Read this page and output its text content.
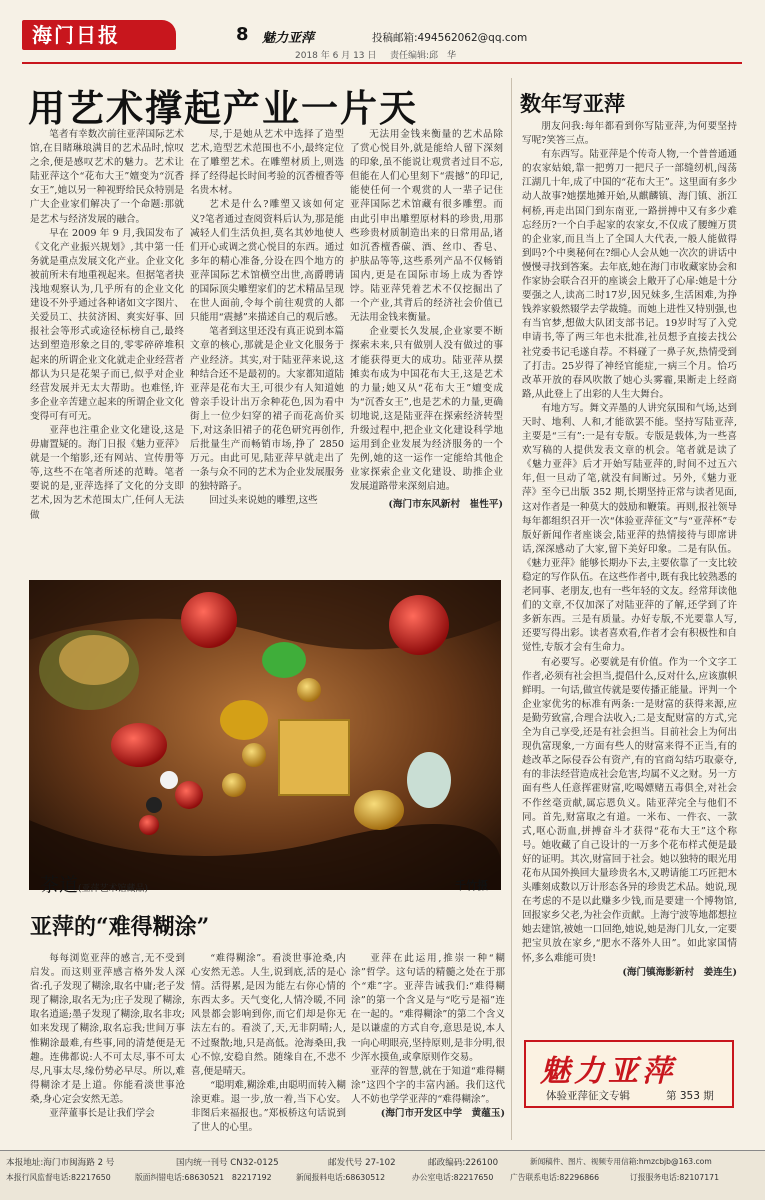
海门日报	8 魅力亚萍	投稿邮箱:494562062@qq.com
2018 年 6 月 13 日 责任编辑:邱　华
用艺术撑起产业一片天

笔者有幸数次前往亚萍国际艺术馆,在目睹琳琅满目的艺术品时,惊叹之余,便是感叹艺术的魅力。艺术让陆亚萍这个“花布大王”嬗变为“沉香女王”,她以另一种视野给民众特别是广大企业家们解决了一个命题:那就是艺术与经济发展的融合。

早在 2009 年 9 月,我国发布了《文化产业振兴规划》,其中第一任务就是重点发展文化产业。企业文化被前所未有地重视起来。但据笔者抉浅地观察认为,几乎所有的企业文化建设不外乎通过各种诸如文字图片、关爱员工、扶贫济困、爽实好事、回报社会等形式或途径标榜自己,最终达到塑造形象之目的,零零碎碎堆积起来的所谓企业文化就走企业经营者都认为只是花架子而已,似乎对企业经营发展并无太大帮助。也难怪,许多企业辛苦建立起来的所谓企业文化变得可有可无。

亚萍也注重企业文化建设,这是毋庸置疑的。海门日报《魅力亚萍》就是一个缩影,还有网站、宣传册等等,这些不在笔者所述的范畴。笔者要说的是,亚萍选择了文化的分支即艺术,因为艺术范围太广,任何人无法做

尽,于是她从艺术中选择了造型艺术,造型艺术范围也不小,最终定位在了雕塑艺术。在雕塑材质上,则选择了经得起长时间考验的沉香檀香等名贵木材。

艺术是什么?雕塑又该如何定义?笔者通过查阅资料后认为,那是能减轻人们生活负担,莫名其妙地使人们开心或调之赏心悦目的东西。通过多年的精心准备,分设在四个地方的亚萍国际艺术馆横空出世,高爵聘请的国际顶尖雕塑家们的艺术精品呈现在世人面前,令每个前往观赏的人都只能用“震撼”来描述自己的观后感。

笔者到这里还没有真正说到本篇文章的核心,那就是企业文化服务于产业经济。其实,对于陆亚萍来说,这种结合还不是最初的。大家都知道陆亚萍是花布大王,可很少有人知道她曾亲手设计出万余种花色,因为看中街上一位少妇穿的裙子而花高价买下,对这条旧裙子的花色研究再创作,后批量生产而畅销市场,挣了 2850 万元。由此可见,陆亚萍早就走出了一条与众不同的艺术为企业发展服务的独特路子。

回过头来说她的雕塑,这些

无法用金钱来衡量的艺术品除了赏心悦目外,就是能给人留下深刻的印象,虽不能说让观赏者过目不忘,但能在人们心里刻下“震撼”的印记,能使任何一个观赏的人一辈子记住亚萍国际艺术馆藏有很多雕塑。而由此引申出雕塑原材料的珍贵,用那些珍贵材质制造出来的日常用品,诸如沉香檀香碳、酒、丝巾、香皂、护肤品等等,这些系列产品不仅畅销国内,更是在国际市场上成为香饽饽。陆亚萍凭着艺术不仅挖掘出了一个产业,其背后的经济社会价值已无法用金钱来衡量。

企业要长久发展,企业家要不断探索未来,只有做别人没有做过的事才能获得更大的成功。陆亚萍从摆摊卖布成为中国花布大王,这是艺术的力量;她又从“花布大王”嬗变成为“沉香女王”,也是艺术的力量,更确切地说,这是陆亚萍在探索经济转型升级过程中,把企业文化建设科学地运用到企业发展为经济服务的一个先例,她的这一运作一定能给其他企业家探索企业文化建设、助推企业发展道路带来深刻启迪。

(海门市东风新村　崔性平)
茶道(亚萍艺术馆藏品)	千竹摄
亚萍的“难得糊涂”

每每浏览亚萍的感言,无不受到启发。而这则亚萍感言格外发人深省:孔子发现了糊涂,取名中庸;老子发现了糊涂,取名无为;庄子发现了糊涂,取名逍遥;墨子发现了糊涂,取名非攻;如来发现了糊涂,取名忘我;世间万事惟糊涂最难,有些事,同的清楚便是无趣。连佛都说:人不可太尽,事不可太尽,凡事太尽,缘份势必早尽。所以,难得糊涂才是上道。你能看淡世事沧桑,身心定会安然无恙。

亚萍董事长是让我们学会

“难得糊涂”。看淡世事沧桑,内心安然无恙。人生,说到底,活的是心情。活得累,是因为能左右你心情的东西太多。天气变化,人情冷暖,不同风景都会影响到你,而它们却是你无法左右的。看淡了,天,无非阴晴;人,不过聚散;地,只是高低。沧海桑田,我心不惊,安稳自然。随缘自在,不悲不喜,便是晴天。

“聪明难,糊涂难,由聪明而转入糊涂更难。退一步,放一着,当下心安。非图后来福报也。”郑板桥这句话说到了世人的心里。

亚萍在此运用,推崇一种“糊涂”哲学。这句话的精髓之处在于那个“难”字。亚萍告诫我们:“难得糊涂”的第一个含义是与“吃亏是福”连在一起的。“难得糊涂”的第二个含义是以谦虚的方式自夸,意思是说,本人一向心明眼亮,坚持原则,是非分明,很少浑水摸鱼,或拿原则作交易。

亚萍的智慧,就在于知道“难得糊涂”这四个字的丰富内涵。我们这代人不妨也学学亚萍的“难得糊涂”。

(海门市开发区中学　黄蕴玉)
数年写亚萍

朋友问我:每年都看到你写陆亚萍,为何要坚持写呢?笑答三点。

有东西写。陆亚萍是个传奇人物,一个普普通通的农家姑娘,靠一把剪刀一把尺子一部缝纫机,闯荡江湖几十年,成了中国的“花布大王”。这里面有多少动人故事?她摆地摊开始,从麒麟镇、海门镇、浙江柯桥,再走出国门到东南亚,一路拼搏中又有多少难忘经历?一个白手起家的农家女,不仅成了腰缠万贯的企业家,而且当上了全国人大代表,一般人能做得到吗?个中奥秘何在?细心人会从她一次次的讲话中慢慢寻找到答案。去年底,她在海门市收藏家协会和作家协会联合召开的座谈会上敞开了心扉:她是十分要强之人,读高二时17岁,因兄妹多,生活困难,为挣钱养家毅然辍学去学裁缝。而她上进性又特别强,也有当官梦,想做大队团支部书记。19岁时写了入党申请书,等了两三年也未批准,社员想予直接去找公社党委书记毛遂自荐。不料碰了一鼻子灰,热情受到了打击。25岁得了神经官能症,一病三个月。恰巧改革开放的春风吹散了她心头雾霾,果断走上经商路,从此登上了出彩的人生大舞台。

有地方写。舞文弄墨的人讲究氛围和气场,达到天时、地利、人和,才能欲罢不能。坚持写陆亚萍,主要是“三有”:一是有专版。专版是载体,为一些喜欢写稿的人提供发表文章的机会。笔者就是读了《魅力亚萍》后才开始写陆亚萍的,时间不过五六年,但一旦动了笔,就没有间断过。另外,《魅力亚萍》至今已出版 352 期,长期坚持正常与读者见面,这对作者是一种莫大的鼓励和鞭策。再则,报社领导每年都组织召开一次“体验亚萍征文”与“亚萍杯”专版好新闻作者座谈会,陆亚萍的热情接待与即席讲话,深深感动了大家,留下美好印象。二是有队伍。《魅力亚萍》能够长期办下去,主要依靠了一支比较稳定的写作队伍。在这些作者中,既有我比较熟悉的老同事、老朋友,也有一些年轻的文友。经常拜读他们的文章,不仅加深了对陆亚萍的了解,还学到了许多新东西。三是有质量。办好专版,不光要靠人写,还要写得出彩。读者喜欢看,作者才会有积极性和自觉性,专版才会有生命力。

有必要写。必要就是有价值。作为一个文字工作者,必须有社会担当,提倡什么,反对什么,应该旗帜鲜明。一句话,做宣传就是要传播正能量。评判一个企业家优劣的标准有两条:一是财富的获得来源,应是勤劳致富,合理合法收入;二是支配财富的方式,完全为自己享受,还是有社会担当。目前社会上为何出现仇富现象,一方面有些人的财富来得不正当,有的趁改革之际侵吞公有资产,有的官商勾结巧取豪夺,有的非法经营造成社会危害,均属不义之财。另一方面有些人任意挥霍财富,吃喝嫖赌五毒俱全,对社会不作丝毫贡献,属忘恩负义。陆亚萍完全与他们不同。首先,财富取之有道。一米布、一件衣、一款式,呕心沥血,拼搏奋斗才获得“花布大王”这个称号。她收藏了自己设计的一万多个花布样式便是最好的证明。其次,财富回于社会。她以独特的眼光用花布从国外换回大量珍贵名木,又聘请能工巧匠把木头雕刻成数以万计形态各异的珍贵艺术品。她说,现在考虑的不是以此赚多少钱,而是要建一个博物馆,回报家乡父老,为社会作贡献。上海宁波等地都想拉她去建馆,被她一口回绝,她说,她是海门儿女,一定要把宝贝放在家乡,“肥水不落外人田”。如此家国情怀,多么难能可贵!

(海门镇海影新村　姜连生)
魅力亚萍
体验亚萍征文专辑	第 353 期
本报地址:海门市闽海路 2 号	国内统一刊号 CN32-0125	邮发代号 27-102	邮政编码:226100	新闻稿件、图片、视频专用信箱:hmzcbjb@163.com
本报行风监督电话:82217650	版面纠错电话:68630521　82217192	新闻报料电话:68630512	办公室电话:82217650 广告联系电话:82296866	订报服务电话:82107171
